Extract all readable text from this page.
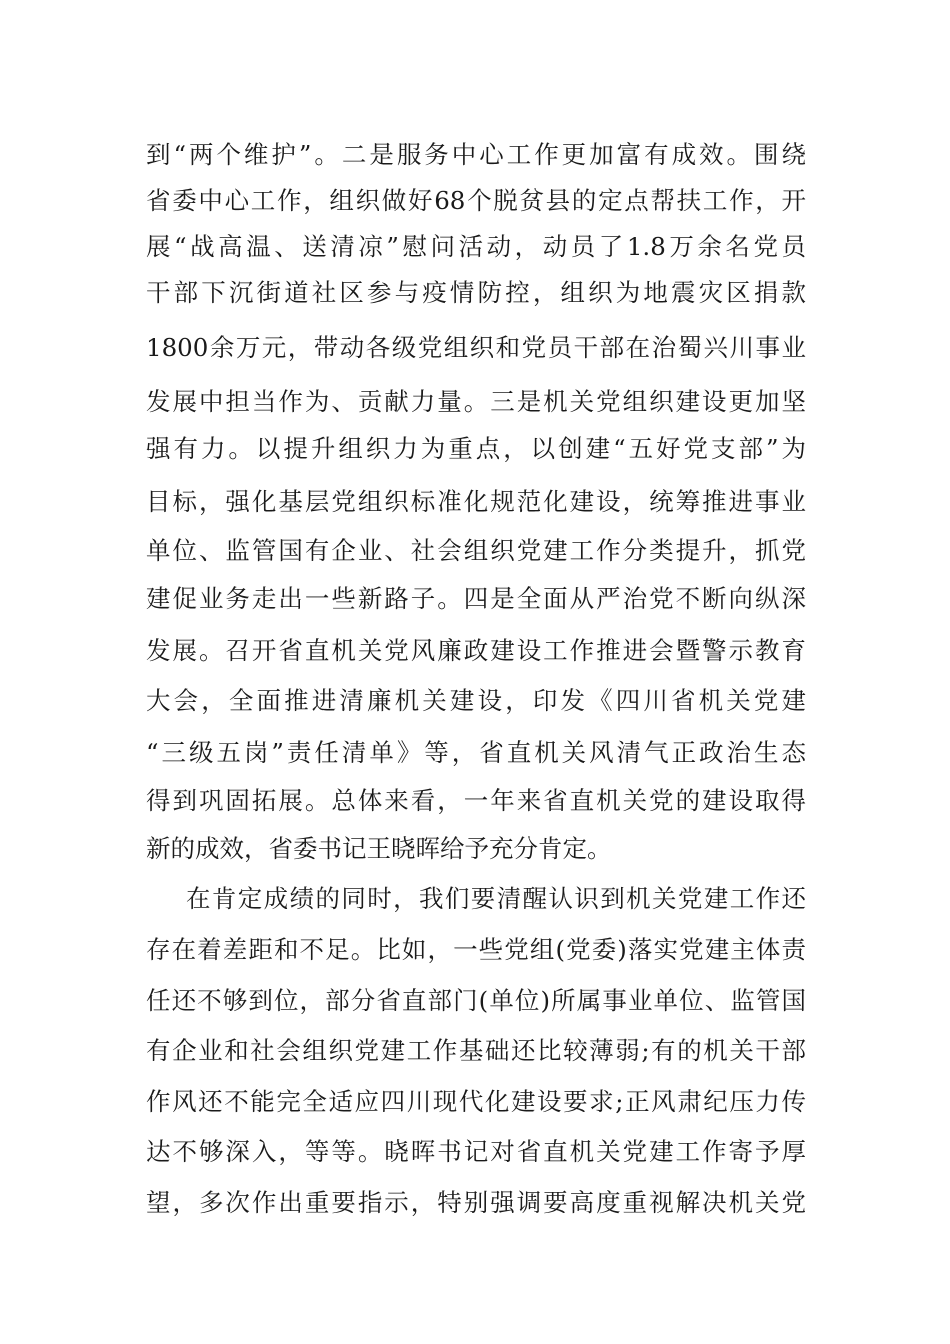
到“两个维护”。二是服务中心工作更加富有成效。围绕
省委中心工作，组织做好68个脱贫县的定点帮扶工作，开
展“战高温、送清凉”慰问活动，动员了1.8万余名党员
干部下沉街道社区参与疫情防控，组织为地震灾区捐款
1800余万元，带动各级党组织和党员干部在治蜀兴川事业
发展中担当作为、贡献力量。三是机关党组织建设更加坚
强有力。以提升组织力为重点，以创建“五好党支部”为
目标，强化基层党组织标准化规范化建设，统筹推进事业
单位、监管国有企业、社会组织党建工作分类提升，抓党
建促业务走出一些新路子。四是全面从严治党不断向纵深
发展。召开省直机关党风廉政建设工作推进会暨警示教育
大会，全面推进清廉机关建设，印发《四川省机关党建
“三级五岗”责任清单》等，省直机关风清气正政治生态
得到巩固拓展。总体来看，一年来省直机关党的建设取得
新的成效，省委书记王晓晖给予充分肯定。
在肯定成绩的同时，我们要清醒认识到机关党建工作还
存在着差距和不足。比如，一些党组(党委)落实党建主体责
任还不够到位，部分省直部门(单位)所属事业单位、监管国
有企业和社会组织党建工作基础还比较薄弱;有的机关干部
作风还不能完全适应四川现代化建设要求;正风肃纪压力传
达不够深入，等等。晓晖书记对省直机关党建工作寄予厚
望，多次作出重要指示，特别强调要高度重视解决机关党
